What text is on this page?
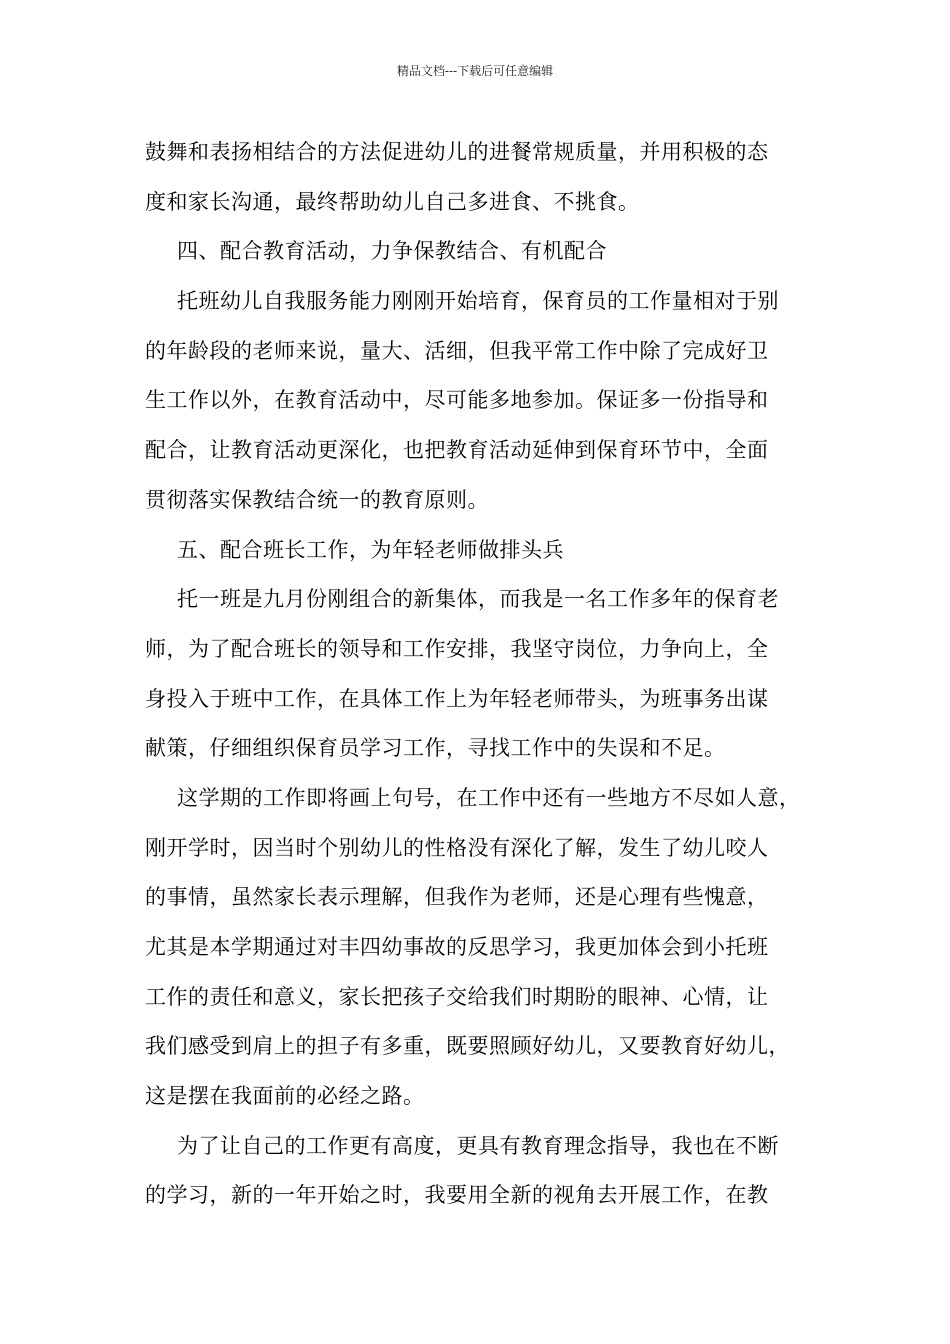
精品文档---下载后可任意编辑
鼓舞和表扬相结合的方法促进幼儿的进餐常规质量，并用积极的态
度和家长沟通，最终帮助幼儿自己多进食、不挑食。
四、配合教育活动，力争保教结合、有机配合
托班幼儿自我服务能力刚刚开始培育，保育员的工作量相对于别
的年龄段的老师来说，量大、活细，但我平常工作中除了完成好卫
生工作以外，在教育活动中，尽可能多地参加。保证多一份指导和
配合，让教育活动更深化，也把教育活动延伸到保育环节中，全面
贯彻落实保教结合统一的教育原则。
五、配合班长工作，为年轻老师做排头兵
托一班是九月份刚组合的新集体，而我是一名工作多年的保育老
师，为了配合班长的领导和工作安排，我坚守岗位，力争向上，全
身投入于班中工作，在具体工作上为年轻老师带头，为班事务出谋
献策，仔细组织保育员学习工作，寻找工作中的失误和不足。
这学期的工作即将画上句号，在工作中还有一些地方不尽如人意，
刚开学时，因当时个别幼儿的性格没有深化了解，发生了幼儿咬人
的事情，虽然家长表示理解，但我作为老师，还是心理有些愧意，
尤其是本学期通过对丰四幼事故的反思学习，我更加体会到小托班
工作的责任和意义，家长把孩子交给我们时期盼的眼神、心情，让
我们感受到肩上的担子有多重，既要照顾好幼儿，又要教育好幼儿，
这是摆在我面前的必经之路。
为了让自己的工作更有高度，更具有教育理念指导，我也在不断
的学习，新的一年开始之时，我要用全新的视角去开展工作，在教
